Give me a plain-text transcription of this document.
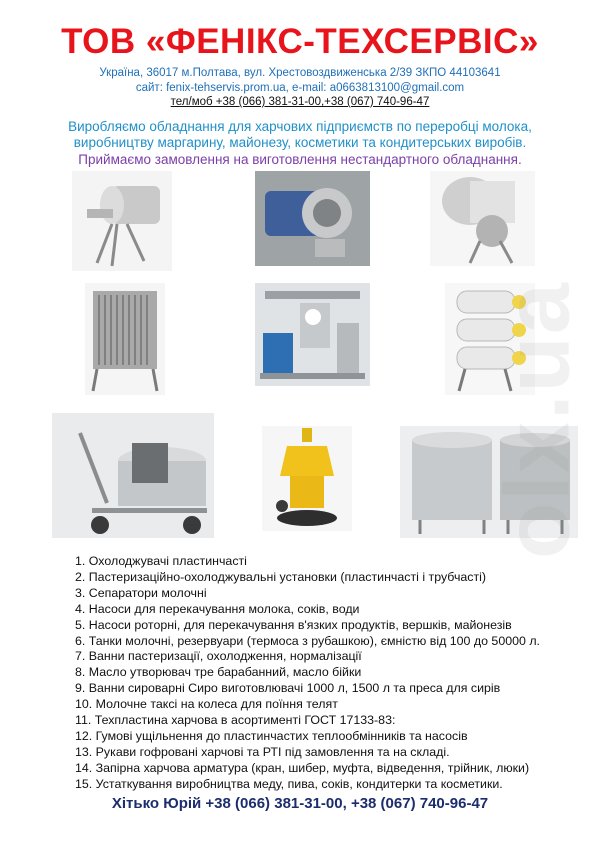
ТОВ «ФЕНІКС-ТЕХСЕРВІС»
Україна, 36017 м.Полтава, вул. Хрестовоздвиженська 2/39 ЗКПО 44103641
сайт: fenix-tehservis.prom.ua, e-mail: a0663813100@gmail.com
тел/моб +38 (066) 381-31-00,+38 (067) 740-96-47
Виробляємо обладнання для харчових підприємств по переробці молока,
виробництву маргарину, майонезу, косметики та кондитерських виробів.
Приймаємо замовлення на виготовлення нестандартного обладнання.
1. Охолоджувачі пластинчасті
2. Пастеризаційно-охолоджувальні установки (пластинчасті і трубчасті)
3. Сепаратори молочні
4. Насоси для перекачування молока, соків, води
5. Насоси роторні, для перекачування в'язких продуктів, вершків, майонезів
6. Танки молочні, резервуари (термоса з рубашкою), ємністю від 100 до 50000 л.
7. Ванни пастеризації, охолодження, нормалізації
8. Масло утворювач тре барабанний, масло бійки
9. Ванни сироварні Сиро виготовлювачі 1000 л, 1500 л та преса для сирів
10. Молочне таксі на колеса для поїння телят
11. Техпластина харчова в асортименті ГОСТ 17133-83:
12. Гумові ущільнення до пластинчастих теплообмінників та насосів
13. Рукави гофровані харчові та РТІ під замовлення та на складі.
14. Запірна харчова арматура (кран, шибер, муфта, відведення, трійник, люки)
15. Устаткування виробництва меду, пива, соків, кондитерки та косметики.
Хітько Юрій +38 (066) 381-31-00, +38 (067) 740-96-47
olx.ua
